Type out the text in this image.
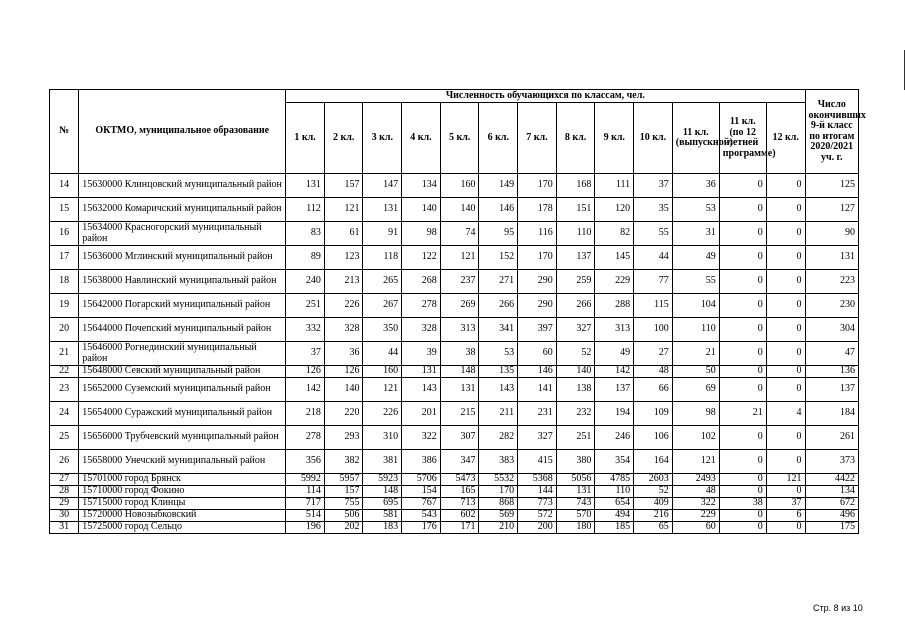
№	ОКТМО, муниципальное образование	Численность обучающихся по классам, чел.													Число окончивших 9-й класс по итогам 2020/2021 уч. г.
		1 кл.	2 кл.	3 кл.	4 кл.	5 кл.	6 кл.	7 кл.	8 кл.	9 кл.	10 кл.	11 кл. (выпускной)	11 кл. (по 12 летней программе)	12 кл.	
14	15630000 Клинцовский муниципальный район	131	157	147	134	160	149	170	168	111	37	36	0	0	125
15	15632000 Комаричский муниципальный район	112	121	131	140	140	146	178	151	120	35	53	0	0	127
16	15634000 Красногорский муниципальный район	83	61	91	98	74	95	116	110	82	55	31	0	0	90
17	15636000 Мглинский муниципальный район	89	123	118	122	121	152	170	137	145	44	49	0	0	131
18	15638000 Навлинский муниципальный район	240	213	265	268	237	271	290	259	229	77	55	0	0	223
19	15642000 Погарский муниципальный район	251	226	267	278	269	266	290	266	288	115	104	0	0	230
20	15644000 Почепский муниципальный район	332	328	350	328	313	341	397	327	313	100	110	0	0	304
21	15646000 Рогнединский муниципальный район	37	36	44	39	38	53	60	52	49	27	21	0	0	47
22	15648000 Севский муниципальный район	126	126	160	131	148	135	146	140	142	48	50	0	0	136
23	15652000 Суземский муниципальный район	142	140	121	143	131	143	141	138	137	66	69	0	0	137
24	15654000 Суражский муниципальный район	218	220	226	201	215	211	231	232	194	109	98	21	4	184
25	15656000 Трубчевский муниципальный район	278	293	310	322	307	282	327	251	246	106	102	0	0	261
26	15658000 Унечский муниципальный район	356	382	381	386	347	383	415	380	354	164	121	0	0	373
27	15701000 город Брянск	5992	5957	5923	5706	5473	5532	5368	5056	4785	2603	2493	0	121	4422
28	15710000 город Фокино	114	157	148	154	165	170	144	131	110	52	48	0	0	134
29	15715000 город Клинцы	717	755	695	767	713	868	773	743	654	409	322	38	37	672
30	15720000 Новозыбковский	514	506	581	543	602	569	572	570	494	216	229	0	6	496
31	15725000 город Сельцо	196	202	183	176	171	210	200	180	185	65	60	0	0	175
Стр. 8 из 10
